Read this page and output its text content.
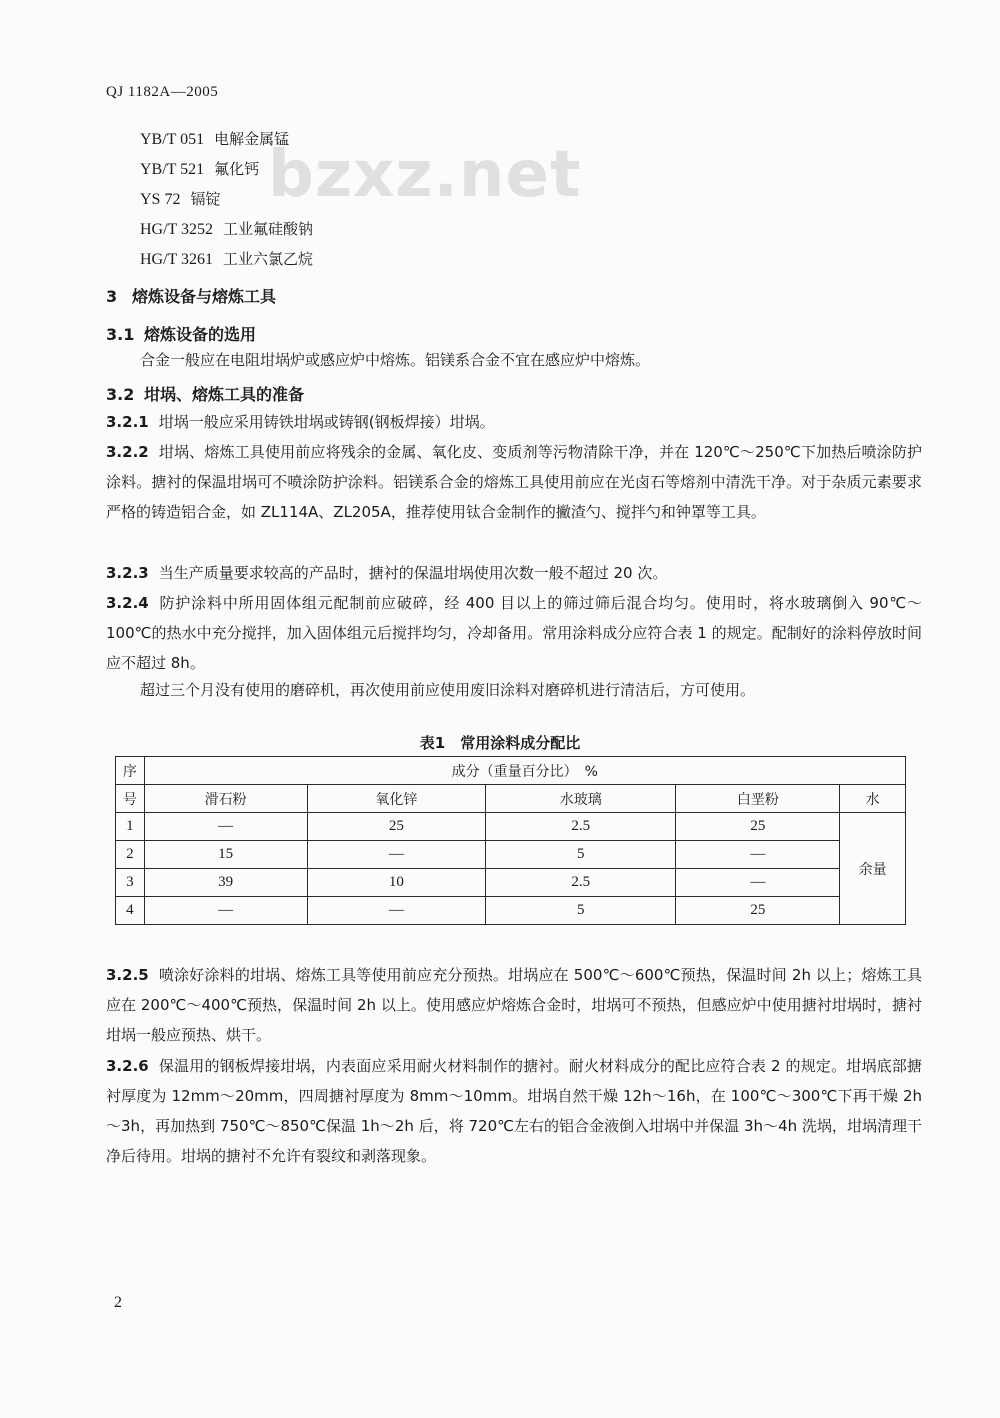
QJ 1182A—2005
bzxz.net
YB/T 051 电解金属锰
YB/T 521 氟化钙
YS 72 镉锭
HG/T 3252 工业氟硅酸钠
HG/T 3261 工业六氯乙烷
3 熔炼设备与熔炼工具
3.1 熔炼设备的选用
合金一般应在电阻坩埚炉或感应炉中熔炼。铝镁系合金不宜在感应炉中熔炼。
3.2 坩埚、熔炼工具的准备
3.2.1 坩埚一般应采用铸铁坩埚或铸钢(钢板焊接）坩埚。
3.2.2 坩埚、熔炼工具使用前应将残余的金属、氧化皮、变质剂等污物清除干净，并在 120℃～250℃下加热后喷涂防护涂料。搪衬的保温坩埚可不喷涂防护涂料。铝镁系合金的熔炼工具使用前应在光卤石等熔剂中清洗干净。对于杂质元素要求严格的铸造铝合金，如 ZL114A、ZL205A，推荐使用钛合金制作的撇渣勺、搅拌勺和钟罩等工具。
3.2.3 当生产质量要求较高的产品时，搪衬的保温坩埚使用次数一般不超过 20 次。
3.2.4 防护涂料中所用固体组元配制前应破碎，经 400 目以上的筛过筛后混合均匀。使用时，将水玻璃倒入 90℃～100℃的热水中充分搅拌，加入固体组元后搅拌均匀，冷却备用。常用涂料成分应符合表 1 的规定。配制好的涂料停放时间应不超过 8h。
超过三个月没有使用的磨碎机，再次使用前应使用废旧涂料对磨碎机进行清洁后，方可使用。
表1　常用涂料成分配比
序	成分（重量百分比）　%				
号	滑石粉	氧化锌	水玻璃	白垩粉	水
1	—	25	2.5	25	余量
2	15	—	5	—	
3	39	10	2.5	—	
4	—	—	5	25	
3.2.5 喷涂好涂料的坩埚、熔炼工具等使用前应充分预热。坩埚应在 500℃～600℃预热，保温时间 2h 以上；熔炼工具应在 200℃～400℃预热，保温时间 2h 以上。使用感应炉熔炼合金时，坩埚可不预热，但感应炉中使用搪衬坩埚时，搪衬坩埚一般应预热、烘干。
3.2.6 保温用的钢板焊接坩埚，内表面应采用耐火材料制作的搪衬。耐火材料成分的配比应符合表 2 的规定。坩埚底部搪衬厚度为 12mm～20mm，四周搪衬厚度为 8mm～10mm。坩埚自然干燥 12h～16h，在 100℃～300℃下再干燥 2h～3h，再加热到 750℃～850℃保温 1h～2h 后，将 720℃左右的铝合金液倒入坩埚中并保温 3h～4h 洗埚，坩埚清理干净后待用。坩埚的搪衬不允许有裂纹和剥落现象。
2
